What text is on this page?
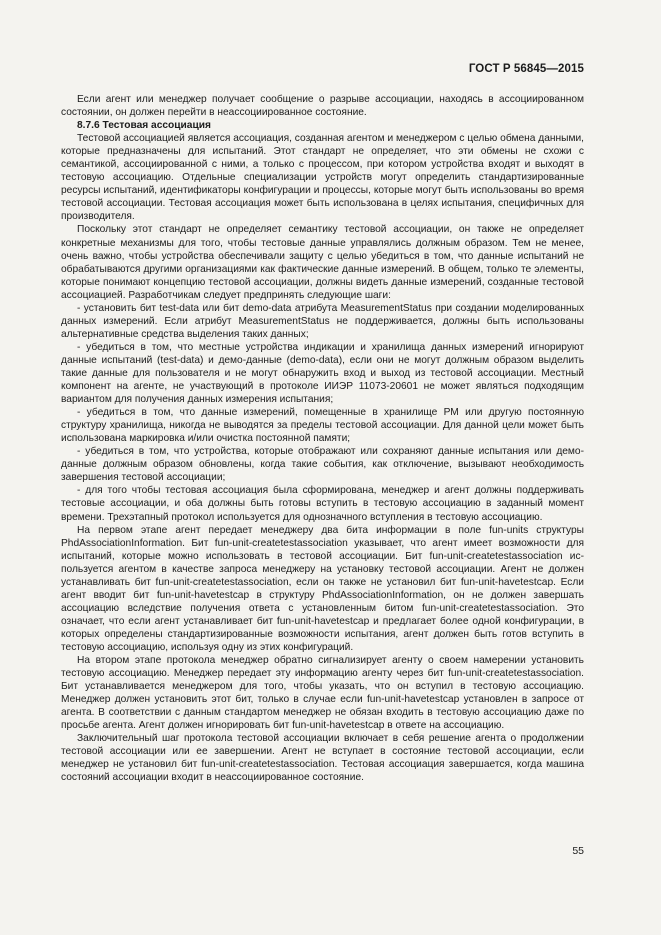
ГОСТ Р 56845—2015

Если агент или менеджер получает сообщение о разрыве ассоциации, находясь в ассоциированном состоянии, он должен перейти в неассоциированное состояние.

8.7.6 Тестовая ассоциация

Тестовой ассоциацией является ассоциация, созданная агентом и менеджером с целью обмена данными, которые предназначены для испытаний. Этот стандарт не определяет, что эти обмены не схожи с семантикой, ассоциированной с ними, а только с процессом, при котором устройства входят и выходят в тестовую ассоциацию. Отдельные специализации устройств могут определить стандартизированные ресурсы испытаний, идентификаторы конфигурации и процессы, которые могут быть использованы во время тестовой ассоциации. Тестовая ассоциация может быть использована в целях испытания, специфичных для производителя.

Поскольку этот стандарт не определяет семантику тестовой ассоциации, он также не определяет конкретные механизмы для того, чтобы тестовые данные управлялись должным образом. Тем не менее, очень важно, чтобы устройства обеспечивали защиту с целью убедиться в том, что данные испытаний не обрабатываются другими организациями как фактические данные измерений. В общем, только те элементы, которые понимают концепцию тестовой ассоциации, должны видеть данные измерений, созданные тестовой ассоциацией. Разработчикам следует предпринять следующие шаги:

- установить бит test-data или бит demo-data атрибута MeasurementStatus при создании моделированных данных измерений. Если атрибут MeasurementStatus не поддерживается, должны быть использованы альтернативные средства выделения таких данных;

- убедиться в том, что местные устройства индикации и хранилища данных измерений игнорируют данные испытаний (test-data) и демо-данные (demo-data), если они не могут должным образом выделить такие данные для пользователя и не могут обнаружить вход и выход из тестовой ассоциации. Местный компонент на агенте, не участвующий в протоколе ИИЭР 11073-20601 не может являться подходящим вариантом для получения данных измерения испытания;

- убедиться в том, что данные измерений, помещенные в хранилище РМ или другую постоянную структуру хранилища, никогда не выводятся за пределы тестовой ассоциации. Для данной цели может быть использована маркировка и/или очистка постоянной памяти;

- убедиться в том, что устройства, которые отображают или сохраняют данные испытания или демо-данные должным образом обновлены, когда такие события, как отключение, вызывают необходимость завершения тестовой ассоциации;

- для того чтобы тестовая ассоциация была сформирована, менеджер и агент должны поддерживать тестовые ассоциации, и оба должны быть готовы вступить в тестовую ассоциацию в заданный момент времени. Трехэтапный протокол используется для однозначного вступления в тестовую ассоциацию.

На первом этапе агент передает менеджеру два бита информации в поле fun-units структуры PhdAssociationInformation. Бит fun-unit-createtestassociation указывает, что агент имеет возможности для испытаний, которые можно использовать в тестовой ассоциации. Бит fun-unit-createtestassociation используется агентом в качестве запроса менеджеру на установку тестовой ассоциации. Агент не должен устанавливать бит fun-unit-createtestassociation, если он также не установил бит fun-unit-havetestcap. Если агент вводит бит fun-unit-havetestcap в структуру PhdAssociationInformation, он не должен завершать ассоциацию вследствие получения ответа с установленным битом fun-unit-createtestassociation. Это означает, что если агент устанавливает бит fun-unit-havetestcap и предлагает более одной конфигурации, в которых определены стандартизированные возможности испытания, агент должен быть готов вступить в тестовую ассоциацию, используя одну из этих конфигураций.

На втором этапе протокола менеджер обратно сигнализирует агенту о своем намерении установить тестовую ассоциацию. Менеджер передает эту информацию агенту через бит fun-unit-createtestassociation. Бит устанавливается менеджером для того, чтобы указать, что он вступил в тестовую ассоциацию. Менеджер должен установить этот бит, только в случае если fun-unit-havetestcap установлен в запросе от агента. В соответствии с данным стандартом менеджер не обязан входить в тестовую ассоциацию даже по просьбе агента. Агент должен игнорировать бит fun-unit-havetestcap в ответе на ассоциацию.

Заключительный шаг протокола тестовой ассоциации включает в себя решение агента о продолжении тестовой ассоциации или ее завершении. Агент не вступает в состояние тестовой ассоциации, если менеджер не установил бит fun-unit-createtestassociation. Тестовая ассоциация завершается, когда машина состояний ассоциации входит в неассоциированное состояние.

55
